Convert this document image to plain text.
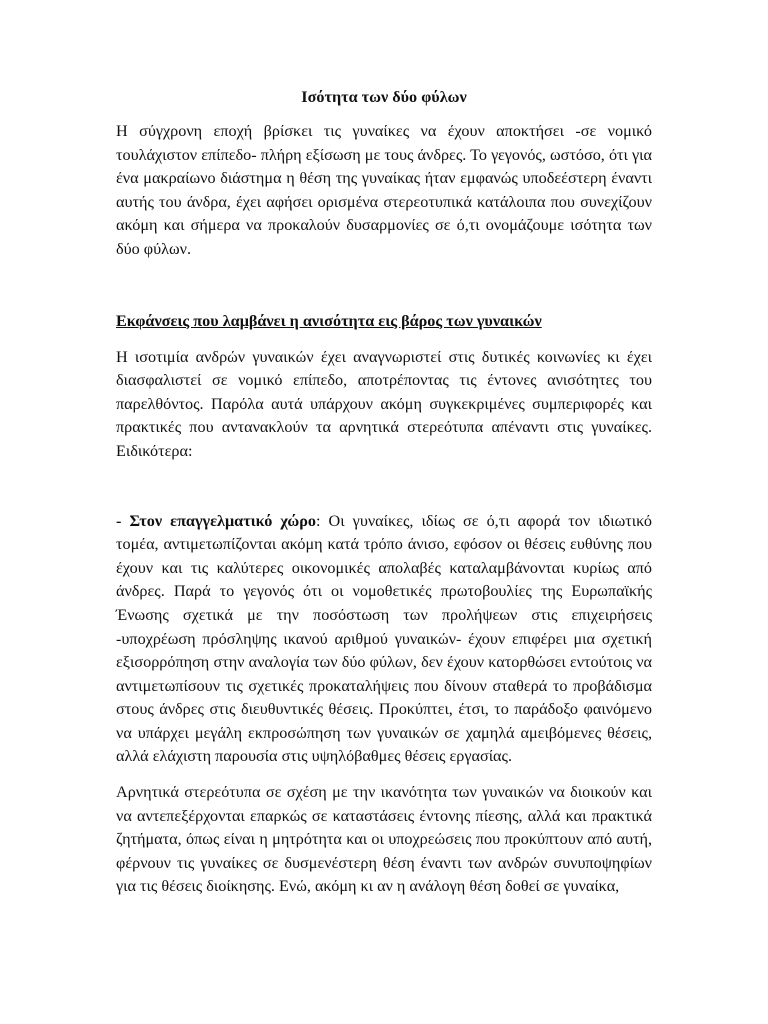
Ισότητα των δύο φύλων

Η σύγχρονη εποχή βρίσκει τις γυναίκες να έχουν αποκτήσει -σε νομικό τουλάχιστον επίπεδο- πλήρη εξίσωση με τους άνδρες. Το γεγονός, ωστόσο, ότι για ένα μακραίωνο διάστημα η θέση της γυναίκας ήταν εμφανώς υποδεέστερη έναντι αυτής του άνδρα, έχει αφήσει ορισμένα στερεοτυπικά κατάλοιπα που συνεχίζουν ακόμη και σήμερα να προκαλούν δυσαρμονίες σε ό,τι ονομάζουμε ισότητα των δύο φύλων.

Εκφάνσεις που λαμβάνει η ανισότητα εις βάρος των γυναικών

Η ισοτιμία ανδρών γυναικών έχει αναγνωριστεί στις δυτικές κοινωνίες κι έχει διασφαλιστεί σε νομικό επίπεδο, αποτρέποντας τις έντονες ανισότητες του παρελθόντος. Παρόλα αυτά υπάρχουν ακόμη συγκεκριμένες συμπεριφορές και πρακτικές που αντανακλούν τα αρνητικά στερεότυπα απέναντι στις γυναίκες. Ειδικότερα:

- Στον επαγγελματικό χώρο: Οι γυναίκες, ιδίως σε ό,τι αφορά τον ιδιωτικό τομέα, αντιμετωπίζονται ακόμη κατά τρόπο άνισο, εφόσον οι θέσεις ευθύνης που έχουν και τις καλύτερες οικονομικές απολαβές καταλαμβάνονται κυρίως από άνδρες. Παρά το γεγονός ότι οι νομοθετικές πρωτοβουλίες της Ευρωπαϊκής Ένωσης σχετικά με την ποσόστωση των προλήψεων στις επιχειρήσεις -υποχρέωση πρόσληψης ικανού αριθμού γυναικών- έχουν επιφέρει μια σχετική εξισορρόπηση στην αναλογία των δύο φύλων, δεν έχουν κατορθώσει εντούτοις να αντιμετωπίσουν τις σχετικές προκαταλήψεις που δίνουν σταθερά το προβάδισμα στους άνδρες στις διευθυντικές θέσεις. Προκύπτει, έτσι, το παράδοξο φαινόμενο να υπάρχει μεγάλη εκπροσώπηση των γυναικών σε χαμηλά αμειβόμενες θέσεις, αλλά ελάχιστη παρουσία στις υψηλόβαθμες θέσεις εργασίας.

Αρνητικά στερεότυπα σε σχέση με την ικανότητα των γυναικών να διοικούν και να αντεπεξέρχονται επαρκώς σε καταστάσεις έντονης πίεσης, αλλά και πρακτικά ζητήματα, όπως είναι η μητρότητα και οι υποχρεώσεις που προκύπτουν από αυτή, φέρνουν τις γυναίκες σε δυσμενέστερη θέση έναντι των ανδρών συνυποψηφίων για τις θέσεις διοίκησης. Ενώ, ακόμη κι αν η ανάλογη θέση δοθεί σε γυναίκα,
